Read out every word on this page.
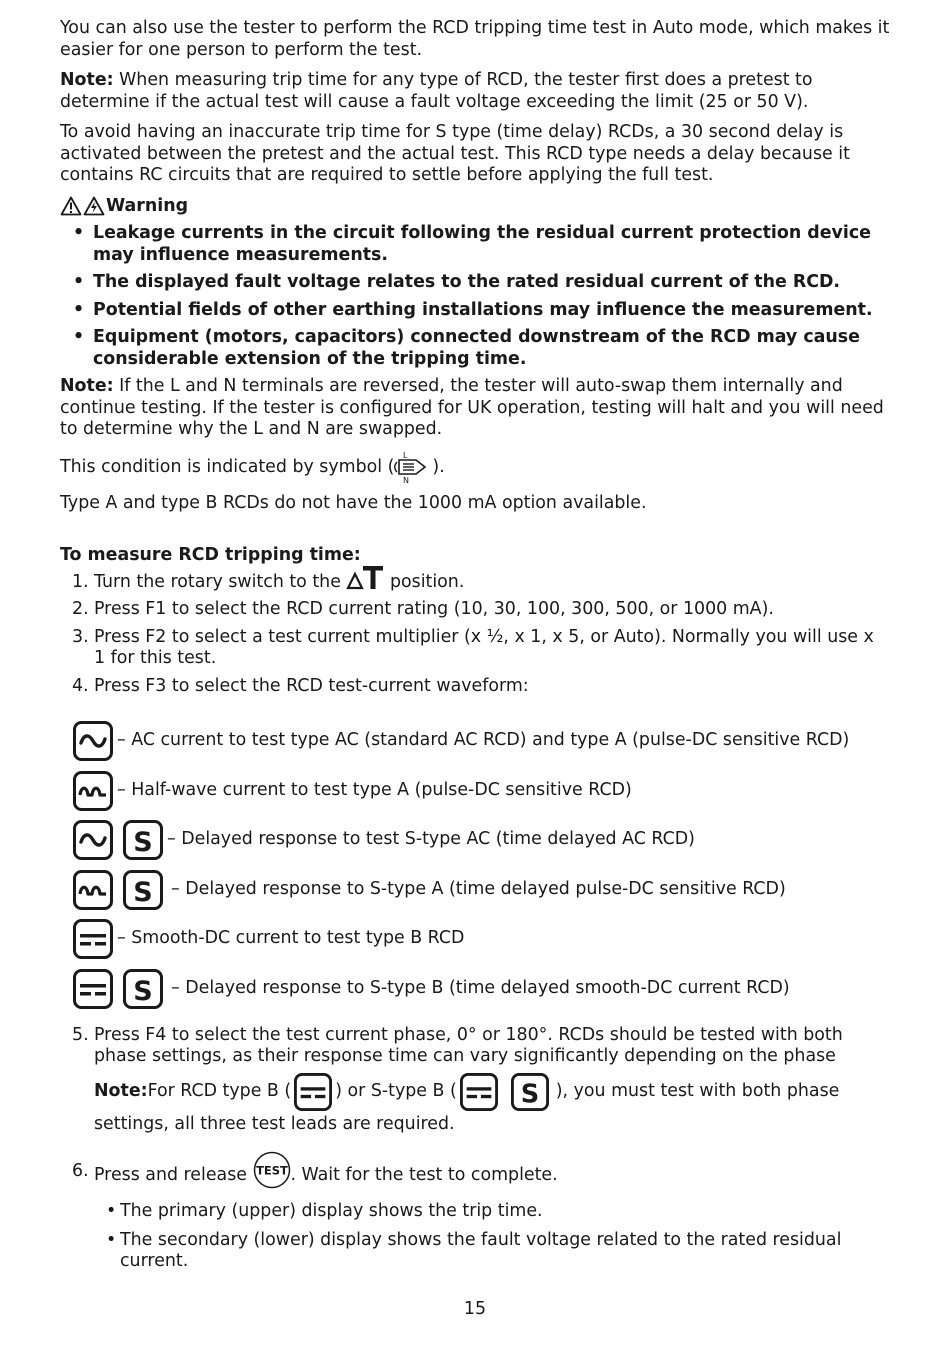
You can also use the tester to perform the RCD tripping time test in Auto mode, which makes it easier for one person to perform the test.

Note: When measuring trip time for any type of RCD, the tester first does a pretest to determine if the actual test will cause a fault voltage exceeding the limit (25 or 50 V).

To avoid having an inaccurate trip time for S type (time delay) RCDs, a 30 second delay is activated between the pretest and the actual test. This RCD type needs a delay because it contains RC circuits that are required to settle before applying the full test.

Warning
• Leakage currents in the circuit following the residual current protection device may influence measurements.
• The displayed fault voltage relates to the rated residual current of the RCD.
• Potential fields of other earthing installations may influence the measurement.
• Equipment (motors, capacitors) connected downstream of the RCD may cause considerable extension of the tripping time.

Note: If the L and N terminals are reversed, the tester will auto-swap them internally and continue testing. If the tester is configured for UK operation, testing will halt and you will need to determine why the L and N are swapped.

This condition is indicated by symbol (
L
N
).

Type A and type B RCDs do not have the 1000 mA option available.

To measure RCD tripping time:

1. Turn the rotary switch to the  position.
2. Press F1 to select the RCD current rating (10, 30, 100, 300, 500, or 1000 mA).
3. Press F2 to select a test current multiplier (x ½, x 1, x 5, or Auto). Normally you will use x 1 for this test.
4. Press F3 to select the RCD test-current waveform:
– AC current to test type AC (standard AC RCD) and type A (pulse-DC sensitive RCD)
– Half-wave current to test type A (pulse-DC sensitive RCD)
S – Delayed response to test S-type AC (time delayed AC RCD)
S – Delayed response to S-type A (time delayed pulse-DC sensitive RCD)
– Smooth-DC current to test type B RCD
S – Delayed response to S-type B (time delayed smooth-DC current RCD)
5. Press F4 to select the test current phase, 0° or 180°. RCDs should be tested with both phase settings, as their response time can vary significantly depending on the phase
Note: For RCD type B (	) or S-type B ( S ), you must test with both phase

settings, all three test leads are required.

6. Press and release TEST . Wait for the test to complete.
• The primary (upper) display shows the trip time.
• The secondary (lower) display shows the fault voltage related to the rated residual current.
15
